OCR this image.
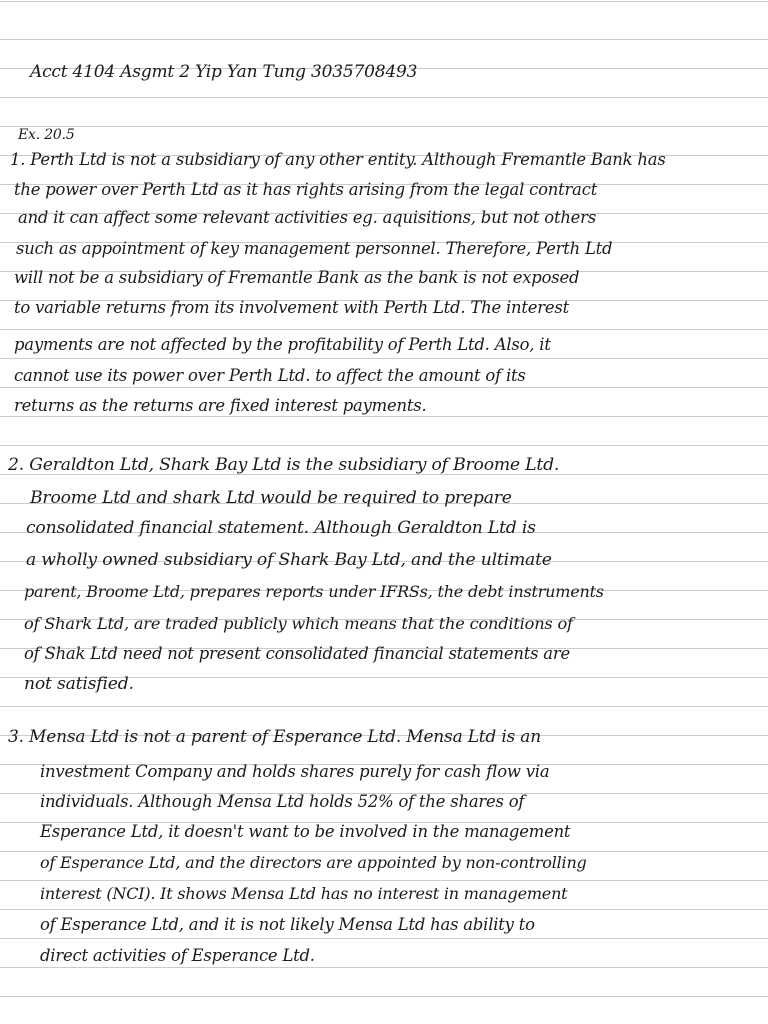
Acct 4104 Asgmt 2 Yip Yan Tung 3035708493
Ex. 20.5
1. Perth Ltd is not a subsidiary of any other entity. Although Fremantle Bank has
the power over Perth Ltd as it has rights arising from the legal contract
and it can affect some relevant activities eg. aquisitions, but not others
such as appointment of key management personnel. Therefore, Perth Ltd
will not be a subsidiary of Fremantle Bank as the bank is not exposed
to variable returns from its involvement with Perth Ltd. The interest
payments are not affected by the profitability of Perth Ltd. Also, it
cannot use its power over Perth Ltd. to affect the amount of its
returns as the returns are fixed interest payments.
2. Geraldton Ltd, Shark Bay Ltd is the subsidiary of Broome Ltd.
Broome Ltd and shark Ltd would be required to prepare
consolidated financial statement. Although Geraldton Ltd is
a wholly owned subsidiary of Shark Bay Ltd, and the ultimate
parent, Broome Ltd, prepares reports under IFRSs, the debt instruments
of Shark Ltd, are traded publicly which means that the conditions of
of Shak Ltd need not present consolidated financial statements are
not satisfied.
3. Mensa Ltd is not a parent of Esperance Ltd. Mensa Ltd is an
investment Company and holds shares purely for cash flow via
individuals. Although Mensa Ltd holds 52% of the shares of
Esperance Ltd, it doesn't want to be involved in the management
of Esperance Ltd, and the directors are appointed by non-controlling
interest (NCI). It shows Mensa Ltd has no interest in management
of Esperance Ltd, and it is not likely Mensa Ltd has ability to
direct activities of Esperance Ltd.
